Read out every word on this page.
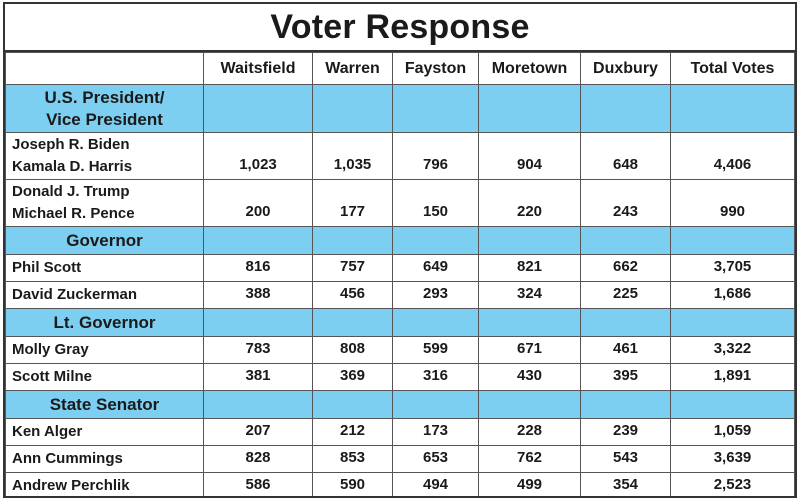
Voter Response
	Waitsfield	Warren	Fayston	Moretown	Duxbury	Total Votes

U.S. President/
Vice President						

Joseph R. Biden
Kamala D. Harris	1,023	1,035	796	904	648	4,406

Donald J. Trump
Michael R. Pence	200	177	150	220	243	990

Governor						

Phil Scott	816	757	649	821	662	3,705

David Zuckerman	388	456	293	324	225	1,686

Lt. Governor						

Molly Gray	783	808	599	671	461	3,322

Scott Milne	381	369	316	430	395	1,891

State Senator						

Ken Alger	207	212	173	228	239	1,059

Ann Cummings	828	853	653	762	543	3,639

Andrew Perchlik	586	590	494	499	354	2,523
